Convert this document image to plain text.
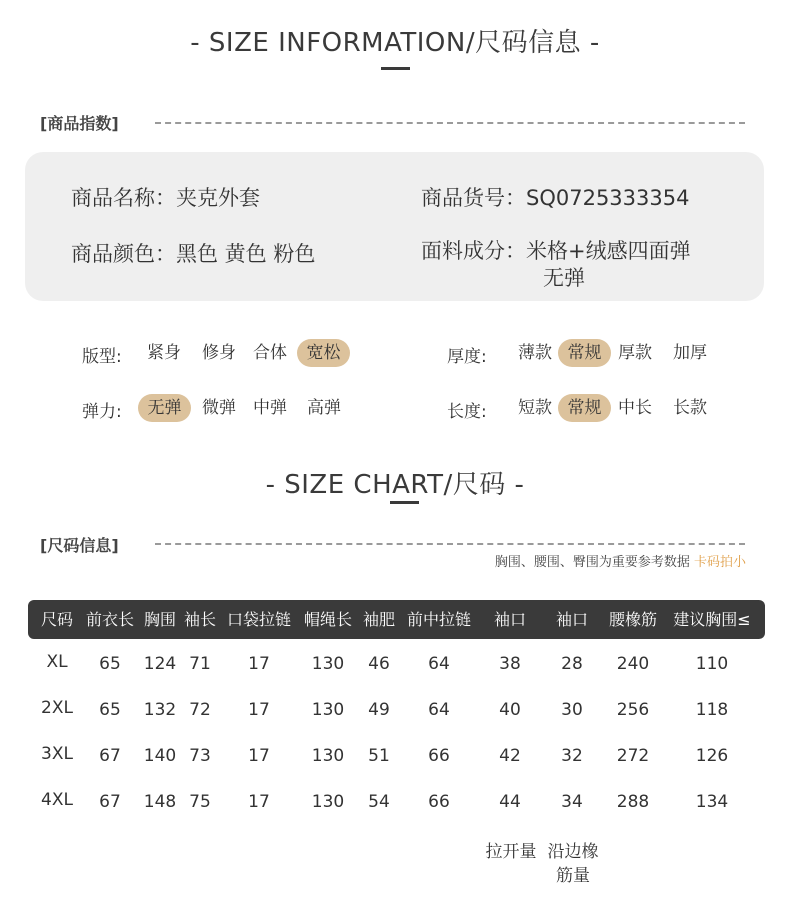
- SIZE INFORMATION/尺码信息 -
[商品指数]
商品名称：夹克外套	商品货号：SQ0725333354
商品颜色：黑色 黄色 粉色	面料成分：米格+绒感四面弹
无弹
版型: 紧身 修身 合体	宽松	厚度: 薄款 常规 厚款 加厚
弹力:	无弹	微弹 中弹 高弹	长度: 短款 常规 中长 长款
- SIZE CHART/尺码 -
[尺码信息]
胸围、腰围、臀围为重要参考数据 卡码拍小
尺码 前衣长 胸围 袖长 口袋拉链 帽绳长 袖肥 前中拉链	袖口	袖口	腰橡筋	建议胸围≤
XL	65	124 71	17	130	46	64	38	28	240	110
2XL	65	132 72	17	130	49	64	40	30	256	118
3XL	67	140 73	17	130	51	66	42	32	272	126
4XL	67	148 75	17	130	54	66	44	34	288	134
拉开量 沿边橡
筋量
